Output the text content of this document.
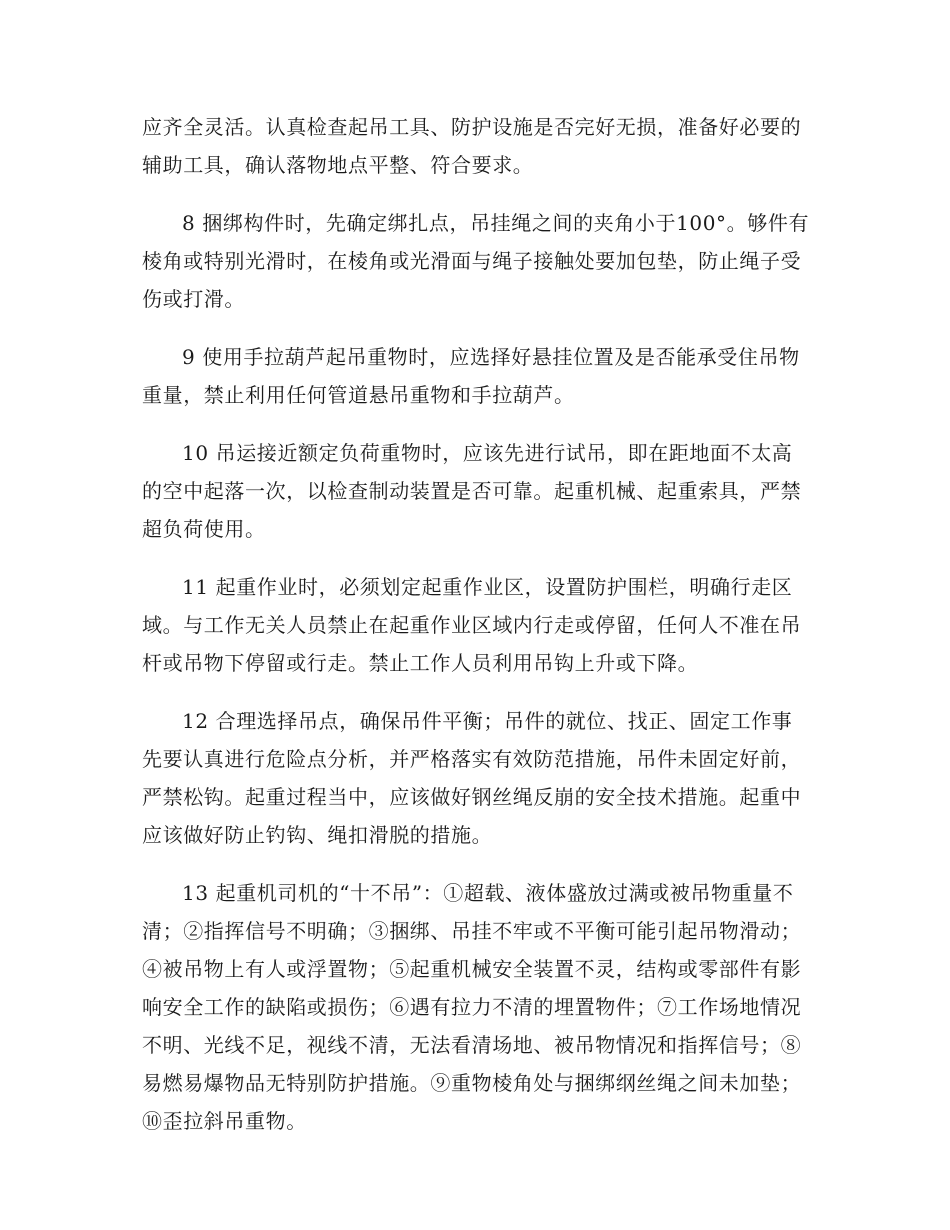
应齐全灵活。认真检查起吊工具、防护设施是否完好无损，准备好必要的辅助工具，确认落物地点平整、符合要求。

8 捆绑构件时，先确定绑扎点，吊挂绳之间的夹角小于100°。够件有棱角或特别光滑时，在棱角或光滑面与绳子接触处要加包垫，防止绳子受伤或打滑。

9 使用手拉葫芦起吊重物时，应选择好悬挂位置及是否能承受住吊物重量，禁止利用任何管道悬吊重物和手拉葫芦。

10 吊运接近额定负荷重物时，应该先进行试吊，即在距地面不太高的空中起落一次，以检查制动装置是否可靠。起重机械、起重索具，严禁超负荷使用。

11 起重作业时，必须划定起重作业区，设置防护围栏，明确行走区域。与工作无关人员禁止在起重作业区域内行走或停留，任何人不准在吊杆或吊物下停留或行走。禁止工作人员利用吊钩上升或下降。

12 合理选择吊点，确保吊件平衡；吊件的就位、找正、固定工作事先要认真进行危险点分析，并严格落实有效防范措施，吊件未固定好前，严禁松钩。起重过程当中，应该做好钢丝绳反崩的安全技术措施。起重中应该做好防止钓钩、绳扣滑脱的措施。

13 起重机司机的“十不吊”：①超载、液体盛放过满或被吊物重量不清；②指挥信号不明确；③捆绑、吊挂不牢或不平衡可能引起吊物滑动；④被吊物上有人或浮置物；⑤起重机械安全装置不灵，结构或零部件有影响安全工作的缺陷或损伤；⑥遇有拉力不清的埋置物件；⑦工作场地情况不明、光线不足，视线不清，无法看清场地、被吊物情况和指挥信号；⑧易燃易爆物品无特别防护措施。⑨重物棱角处与捆绑纲丝绳之间未加垫；⑩歪拉斜吊重物。
